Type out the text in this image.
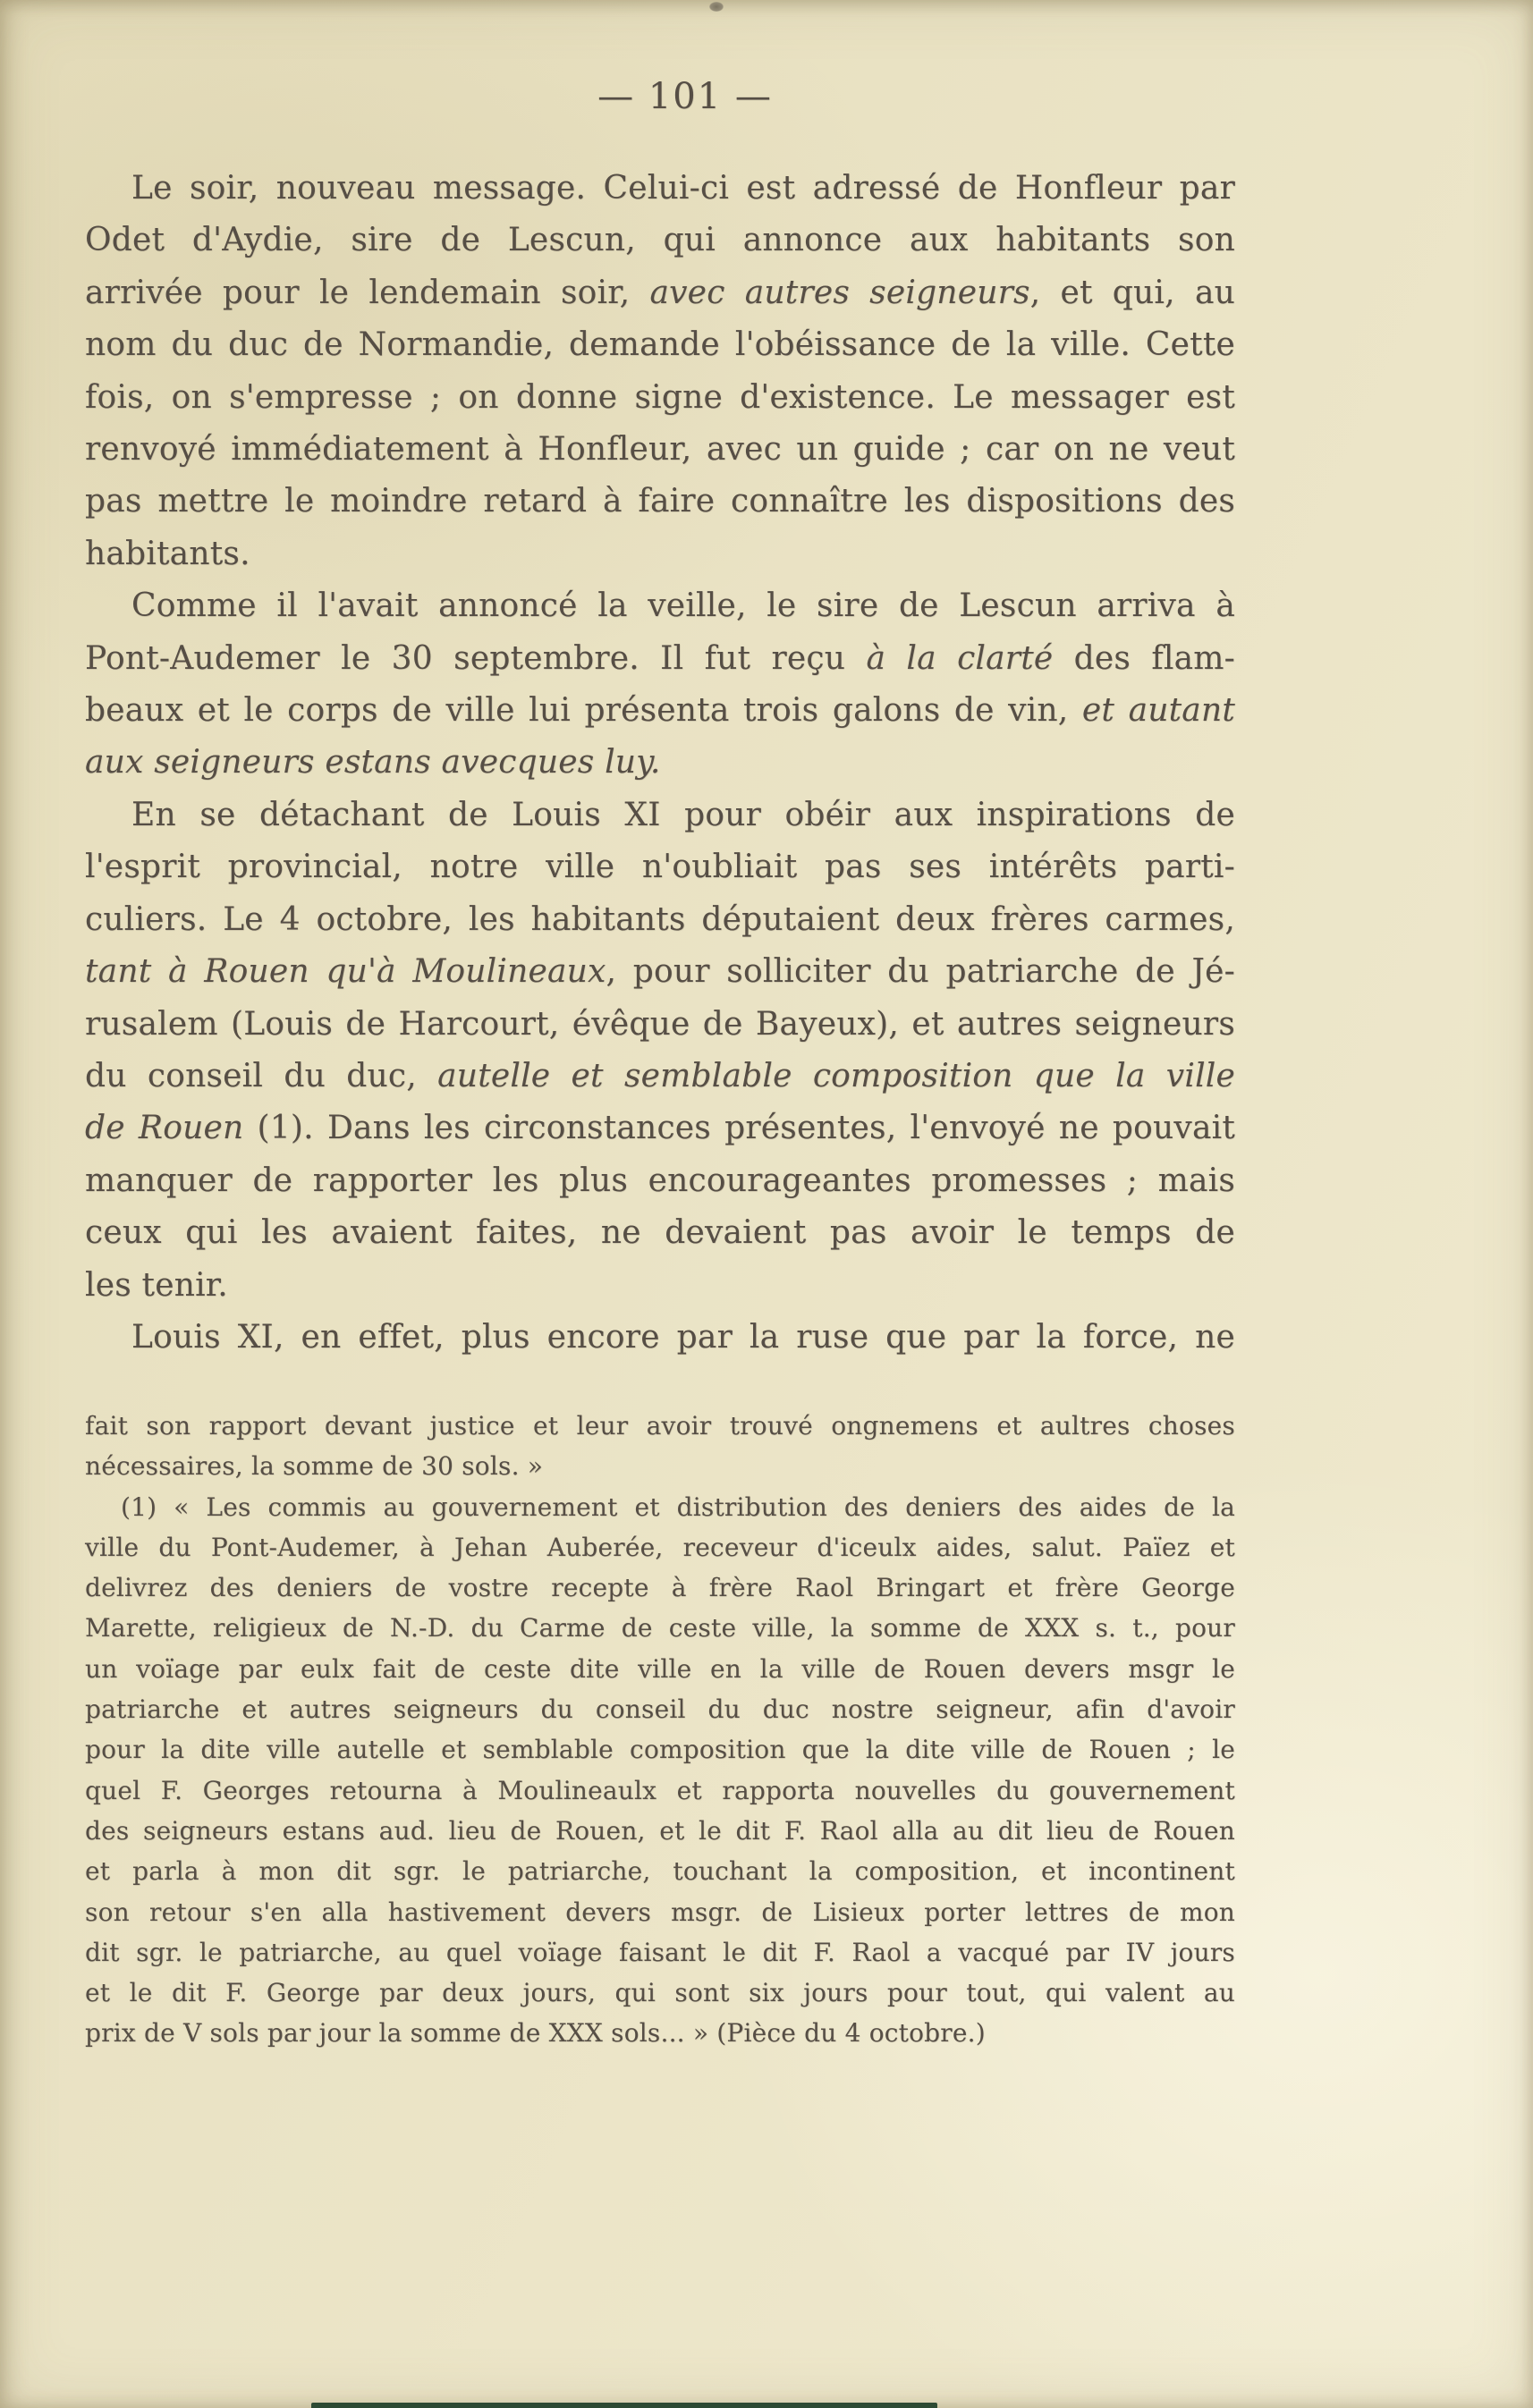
— 101 —
Le soir, nouveau message. Celui-ci est adressé de Honfleur par
Odet d'Aydie, sire de Lescun, qui annonce aux habitants son
arrivée pour le lendemain soir, avec autres seigneurs, et qui, au
nom du duc de Normandie, demande l'obéissance de la ville. Cette
fois, on s'empresse ; on donne signe d'existence. Le messager est
renvoyé immédiatement à Honfleur, avec un guide ; car on ne veut
pas mettre le moindre retard à faire connaître les dispositions des
habitants.
Comme il l'avait annoncé la veille, le sire de Lescun arriva à
Pont-Audemer le 30 septembre. Il fut reçu à la clarté des flam-
beaux et le corps de ville lui présenta trois galons de vin, et autant
aux seigneurs estans avecques luy.
En se détachant de Louis XI pour obéir aux inspirations de
l'esprit provincial, notre ville n'oubliait pas ses intérêts parti-
culiers. Le 4 octobre, les habitants députaient deux frères carmes,
tant à Rouen qu'à Moulineaux, pour solliciter du patriarche de Jé-
rusalem (Louis de Harcourt, évêque de Bayeux), et autres seigneurs
du conseil du duc, autelle et semblable composition que la ville
de Rouen (1). Dans les circonstances présentes, l'envoyé ne pouvait
manquer de rapporter les plus encourageantes promesses ; mais
ceux qui les avaient faites, ne devaient pas avoir le temps de
les tenir.
Louis XI, en effet, plus encore par la ruse que par la force, ne
fait son rapport devant justice et leur avoir trouvé ongnemens et aultres choses
nécessaires, la somme de 30 sols. »
(1) « Les commis au gouvernement et distribution des deniers des aides de la
ville du Pont-Audemer, à Jehan Auberée, receveur d'iceulx aides, salut. Païez et
delivrez des deniers de vostre recepte à frère Raol Bringart et frère George
Marette, religieux de N.-D. du Carme de ceste ville, la somme de XXX s. t., pour
un voïage par eulx fait de ceste dite ville en la ville de Rouen devers msgr le
patriarche et autres seigneurs du conseil du duc nostre seigneur, afin d'avoir
pour la dite ville autelle et semblable composition que la dite ville de Rouen ; le
quel F. Georges retourna à Moulineaulx et rapporta nouvelles du gouvernement
des seigneurs estans aud. lieu de Rouen, et le dit F. Raol alla au dit lieu de Rouen
et parla à mon dit sgr. le patriarche, touchant la composition, et incontinent
son retour s'en alla hastivement devers msgr. de Lisieux porter lettres de mon
dit sgr. le patriarche, au quel voïage faisant le dit F. Raol a vacqué par IV jours
et le dit F. George par deux jours, qui sont six jours pour tout, qui valent au
prix de V sols par jour la somme de XXX sols... » (Pièce du 4 octobre.)
